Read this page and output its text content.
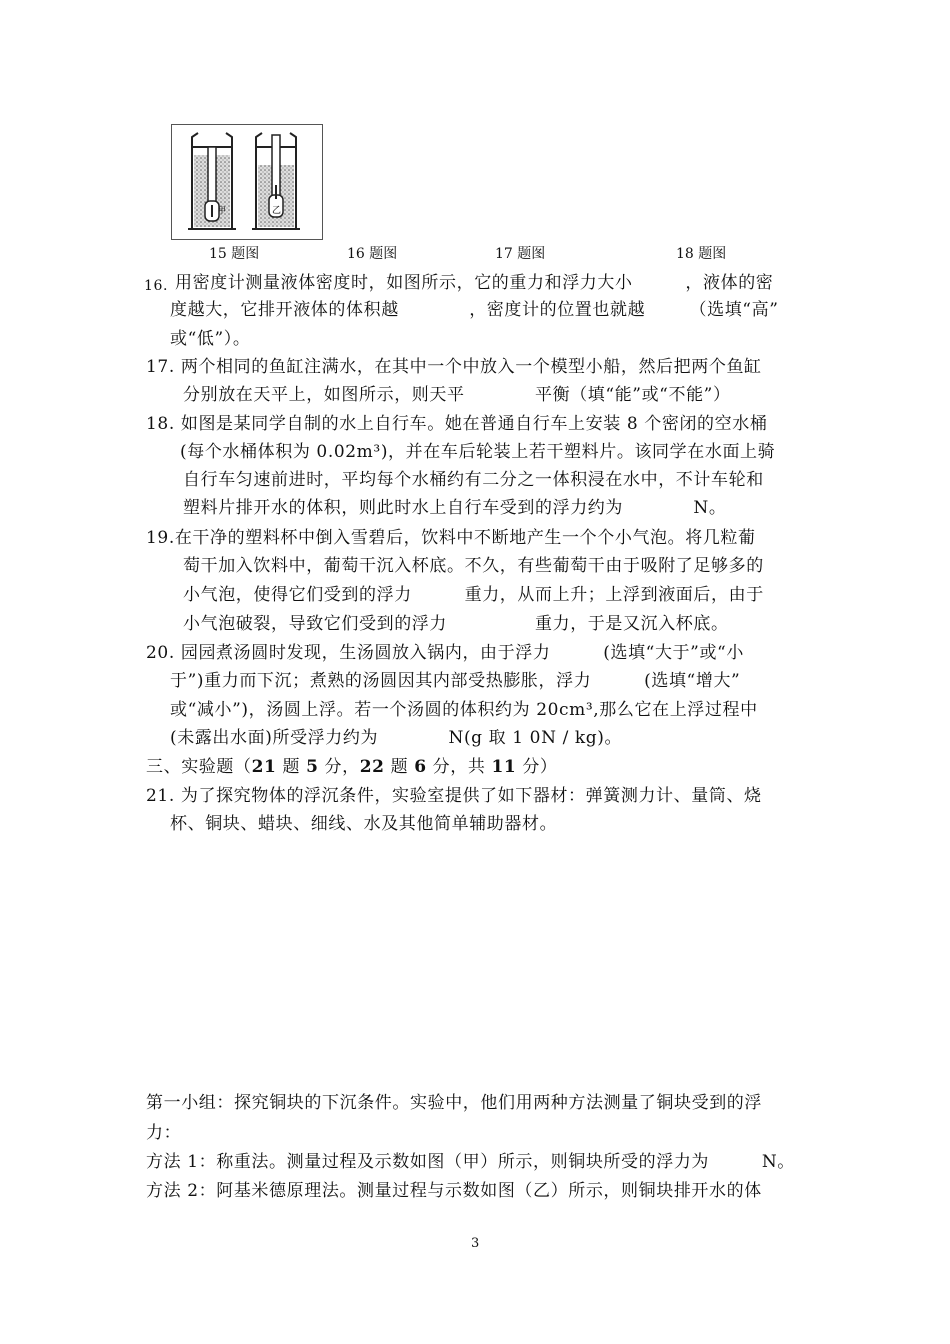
甲	乙
15 题图	16 题图	17 题图	18 题图
16. 用密度计测量液体密度时，如图所示，它的重力和浮力大小　　　，液体的密
度越大，它排开液体的体积越　　　　，密度计的位置也就越　　　（选填“高”
或“低”）。
17. 两个相同的鱼缸注满水，在其中一个中放入一个模型小船，然后把两个鱼缸
分别放在天平上，如图所示，则天平　　　　平衡（填“能”或“不能”）
18. 如图是某同学自制的水上自行车。她在普通自行车上安装 8 个密闭的空水桶
(每个水桶体积为 0.02m³)，并在车后轮装上若干塑料片。该同学在水面上骑
自行车匀速前进时，平均每个水桶约有二分之一体积浸在水中，不计车轮和
塑料片排开水的体积，则此时水上自行车受到的浮力约为　　　　N。
19.在干净的塑料杯中倒入雪碧后，饮料中不断地产生一个个小气泡。将几粒葡
萄干加入饮料中，葡萄干沉入杯底。不久，有些葡萄干由于吸附了足够多的
小气泡，使得它们受到的浮力　　　重力，从而上升；上浮到液面后，由于
小气泡破裂，导致它们受到的浮力　　　　　重力，于是又沉入杯底。
20. 园园煮汤圆时发现，生汤圆放入锅内，由于浮力　　　(选填“大于”或“小
于”)重力而下沉；煮熟的汤圆因其内部受热膨胀，浮力　　　(选填“增大”
或“减小”)，汤圆上浮。若一个汤圆的体积约为 20cm³,那么它在上浮过程中
(未露出水面)所受浮力约为　　　　N(g 取 1 0N / kg)。
三、实验题（21 题 5 分，22 题 6 分，共 11 分）
21. 为了探究物体的浮沉条件，实验室提供了如下器材：弹簧测力计、量筒、烧
杯、铜块、蜡块、细线、水及其他简单辅助器材。
第一小组：探究铜块的下沉条件。实验中，他们用两种方法测量了铜块受到的浮
力：
方法 1：称重法。测量过程及示数如图（甲）所示，则铜块所受的浮力为　　　N。
方法 2：阿基米德原理法。测量过程与示数如图（乙）所示，则铜块排开水的体
3
